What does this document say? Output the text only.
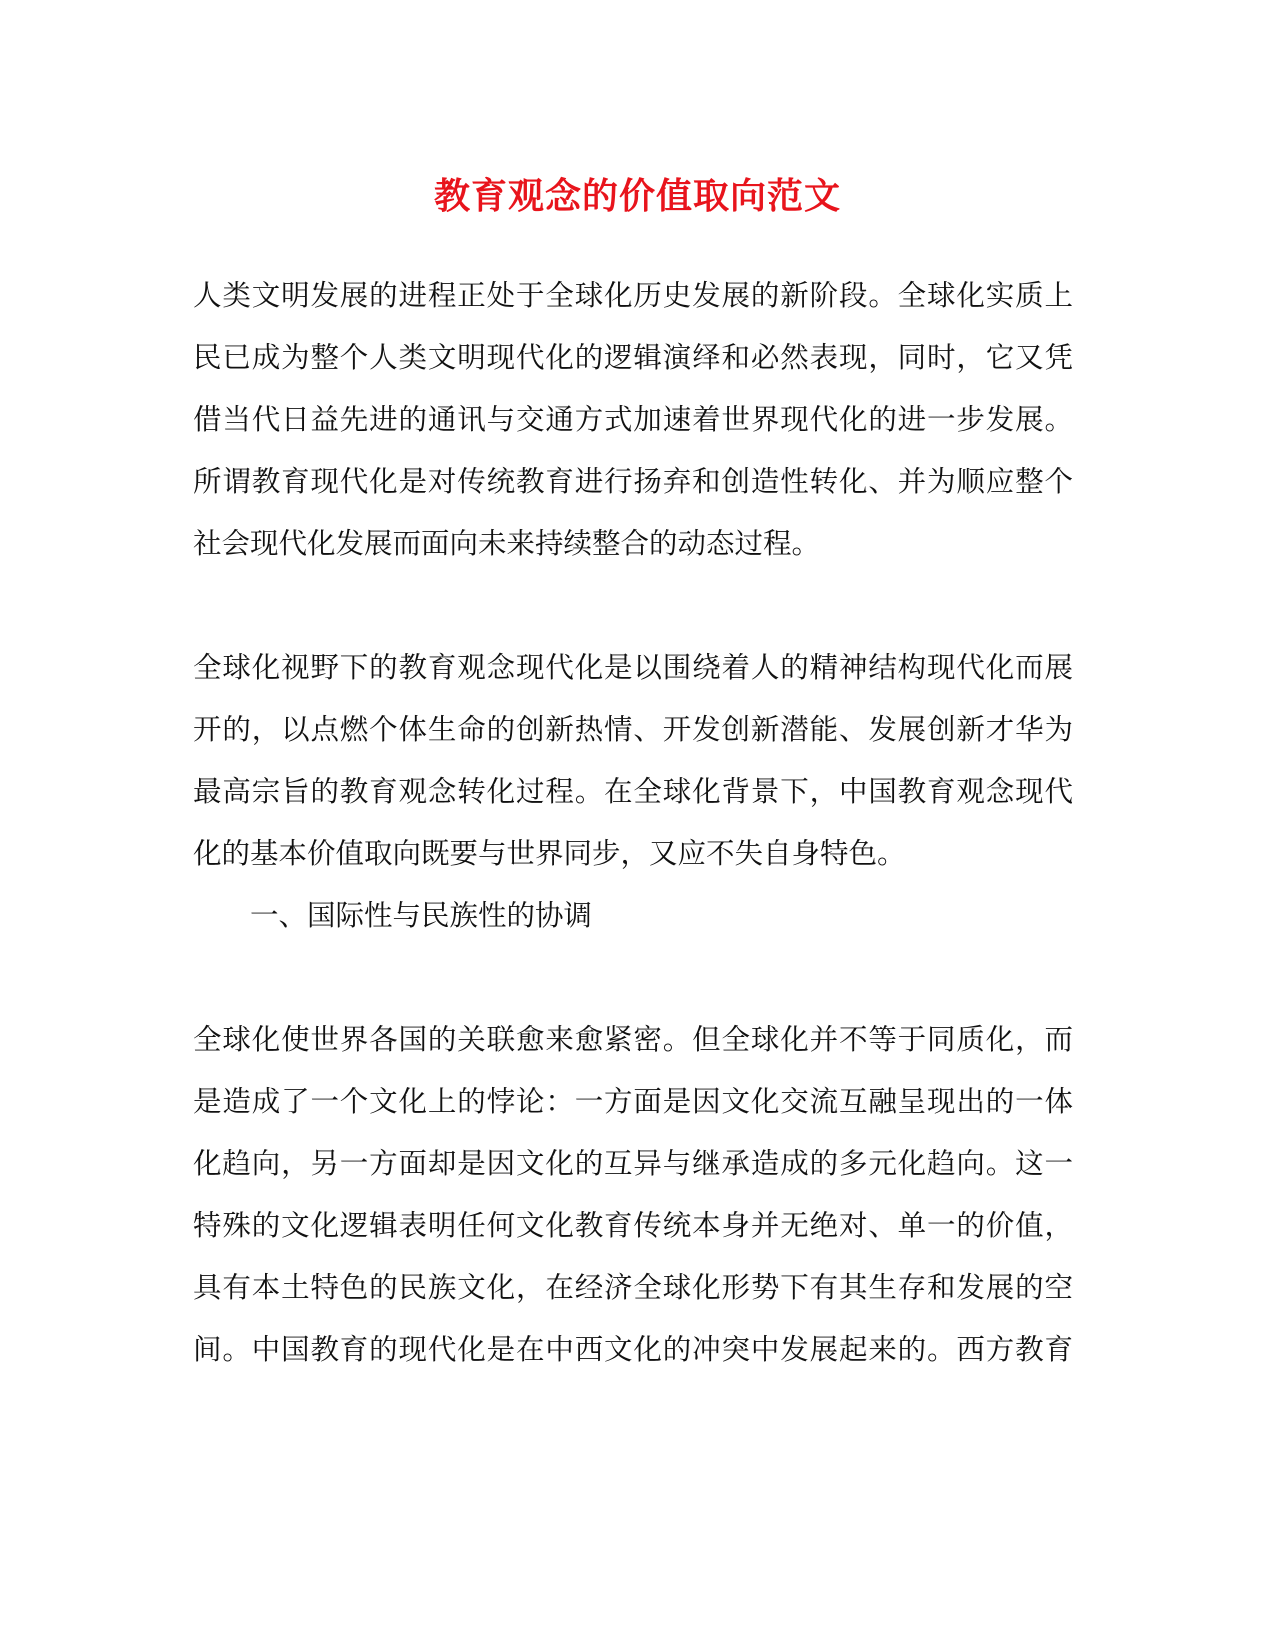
教育观念的价值取向范文
人类文明发展的进程正处于全球化历史发展的新阶段。全球化实质上
民已成为整个人类文明现代化的逻辑演绎和必然表现，同时，它又凭
借当代日益先进的通讯与交通方式加速着世界现代化的进一步发展。
所谓教育现代化是对传统教育进行扬弃和创造性转化、并为顺应整个
社会现代化发展而面向未来持续整合的动态过程。
全球化视野下的教育观念现代化是以围绕着人的精神结构现代化而展
开的，以点燃个体生命的创新热情、开发创新潜能、发展创新才华为
最高宗旨的教育观念转化过程。在全球化背景下，中国教育观念现代
化的基本价值取向既要与世界同步，又应不失自身特色。
一、国际性与民族性的协调
全球化使世界各国的关联愈来愈紧密。但全球化并不等于同质化，而
是造成了一个文化上的悖论：一方面是因文化交流互融呈现出的一体
化趋向，另一方面却是因文化的互异与继承造成的多元化趋向。这一
特殊的文化逻辑表明任何文化教育传统本身并无绝对、单一的价值，
具有本土特色的民族文化，在经济全球化形势下有其生存和发展的空
间。中国教育的现代化是在中西文化的冲突中发展起来的。西方教育
